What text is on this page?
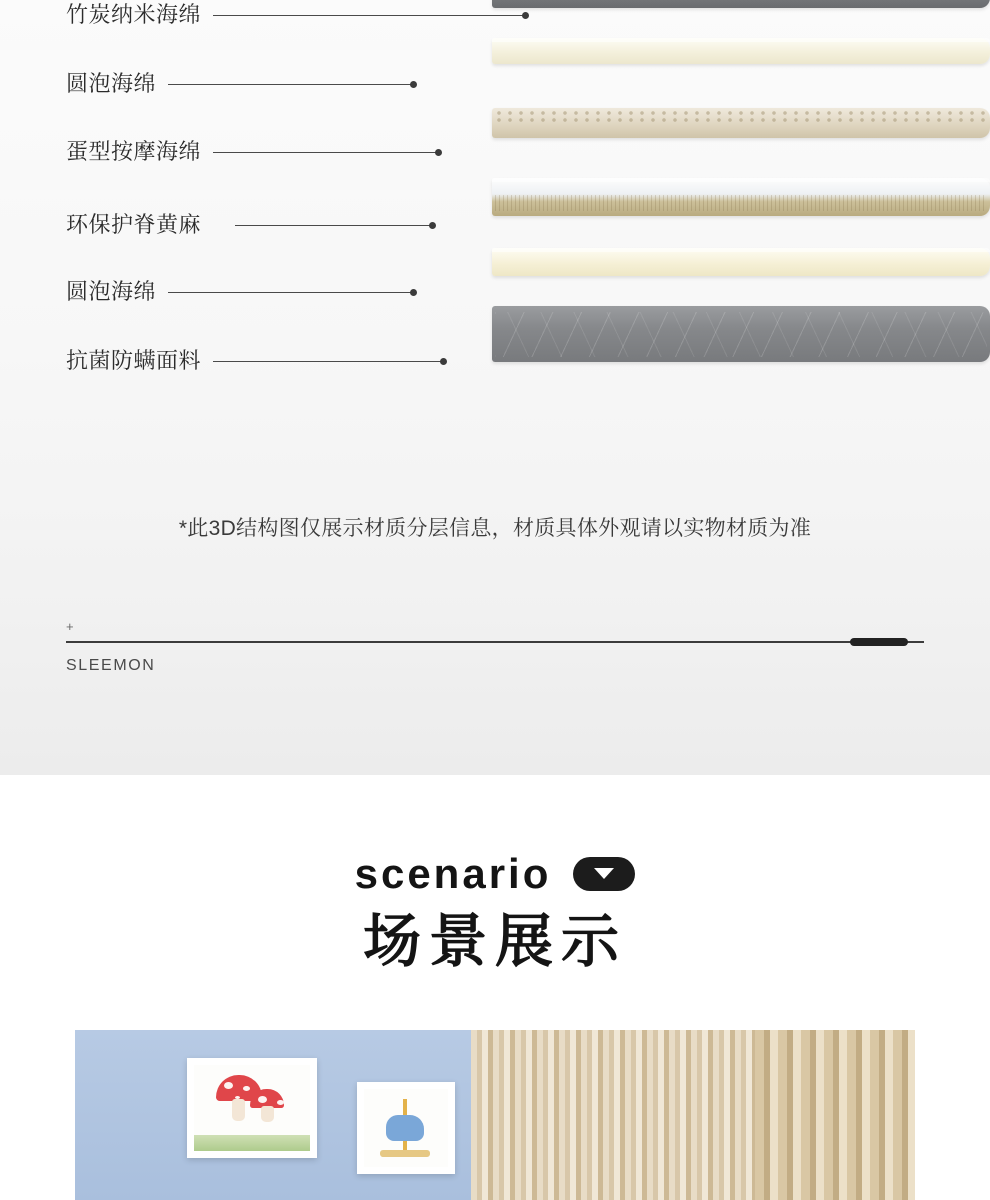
竹炭纳米海绵
圆泡海绵
蛋型按摩海绵
环保护脊黄麻
圆泡海绵
抗菌防螨面料
*此3D结构图仅展示材质分层信息，材质具体外观请以实物材质为准
+
SLEEMON
scenario
场景展示
